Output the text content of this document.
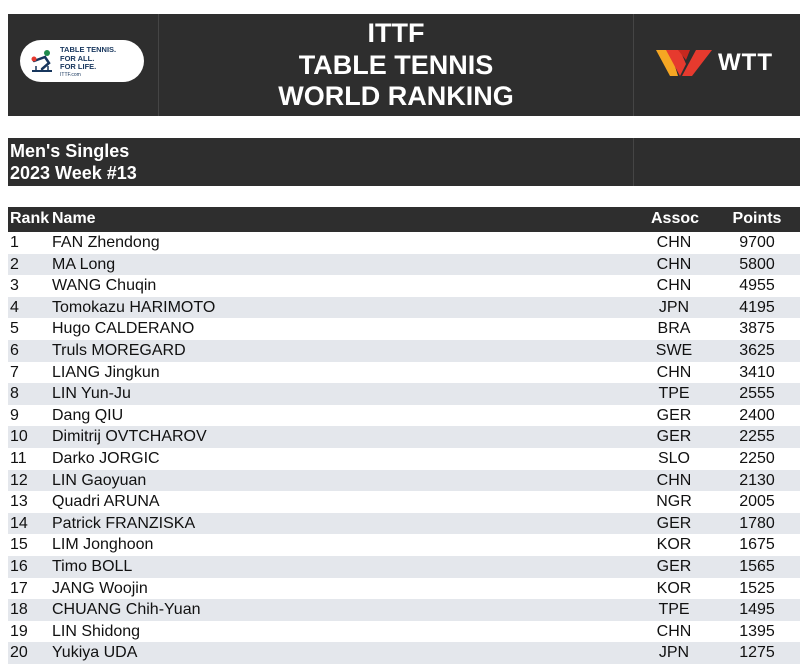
TABLE TENNIS.
FOR ALL.
FOR LIFE.
ITTF.com
ITTF
TABLE TENNIS
WORLD RANKING
WTT
Men's Singles
2023 Week #13
Rank Name	Assoc	Points
1 FAN Zhendong	CHN	9700
2 MA Long	CHN	5800
3 WANG Chuqin	CHN	4955
4 Tomokazu HARIMOTO	JPN	4195
5 Hugo CALDERANO	BRA	3875
6 Truls MOREGARD	SWE	3625
7 LIANG Jingkun	CHN	3410
8 LIN Yun-Ju	TPE	2555
9 Dang QIU	GER	2400
10 Dimitrij OVTCHAROV	GER	2255
11 Darko JORGIC	SLO	2250
12 LIN Gaoyuan	CHN	2130
13 Quadri ARUNA	NGR	2005
14 Patrick FRANZISKA	GER	1780
15 LIM Jonghoon	KOR	1675
16 Timo BOLL	GER	1565
17 JANG Woojin	KOR	1525
18 CHUANG Chih-Yuan	TPE	1495
19 LIN Shidong	CHN	1395
20 Yukiya UDA	JPN	1275
